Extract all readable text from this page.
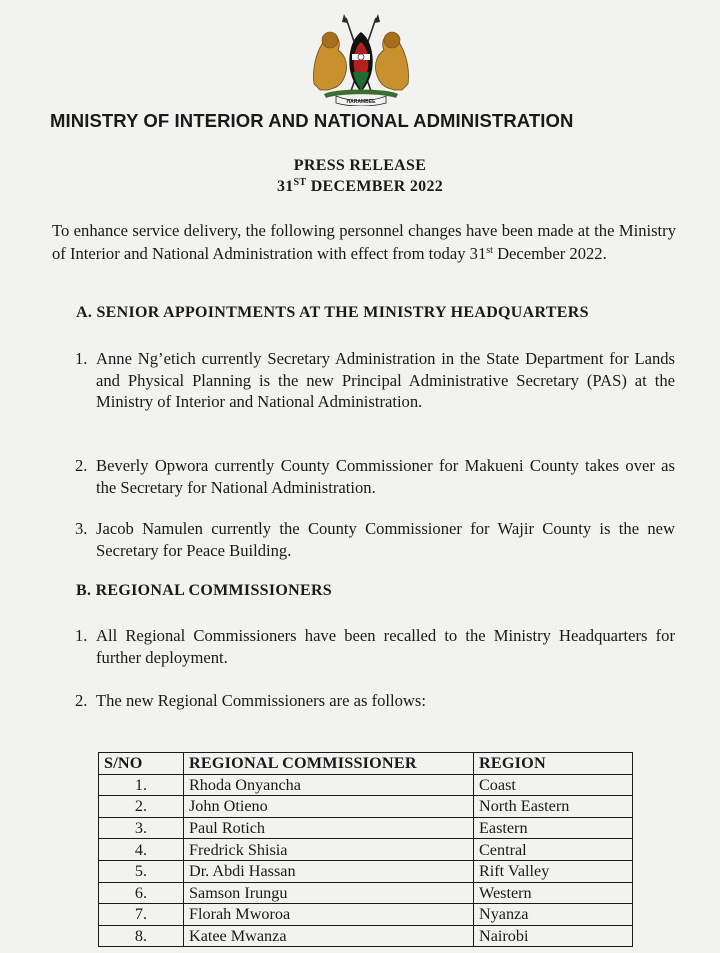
HARAMBEE
MINISTRY OF INTERIOR AND NATIONAL ADMINISTRATION
PRESS RELEASE
31ST DECEMBER 2022
To enhance service delivery, the following personnel changes have been made at the Ministry of Interior and National Administration with effect from today 31st December 2022.
A. SENIOR APPOINTMENTS AT THE MINISTRY HEADQUARTERS
1. Anne Ng’etich currently Secretary Administration in the State Department for Lands and Physical Planning is the new Principal Administrative Secretary (PAS) at the Ministry of Interior and National Administration.
2. Beverly Opwora currently County Commissioner for Makueni County takes over as the Secretary for National Administration.
3. Jacob Namulen currently the County Commissioner for Wajir County is the new Secretary for Peace Building.
B. REGIONAL COMMISSIONERS
1. All Regional Commissioners have been recalled to the Ministry Headquarters for further deployment.
2. The new Regional Commissioners are as follows:
S/NO	REGIONAL COMMISSIONER	REGION
1.	Rhoda Onyancha	Coast
2.	John Otieno	North Eastern
3.	Paul Rotich	Eastern
4.	Fredrick Shisia	Central
5.	Dr. Abdi Hassan	Rift Valley
6.	Samson Irungu	Western
7.	Florah Mworoa	Nyanza
8.	Katee Mwanza	Nairobi
